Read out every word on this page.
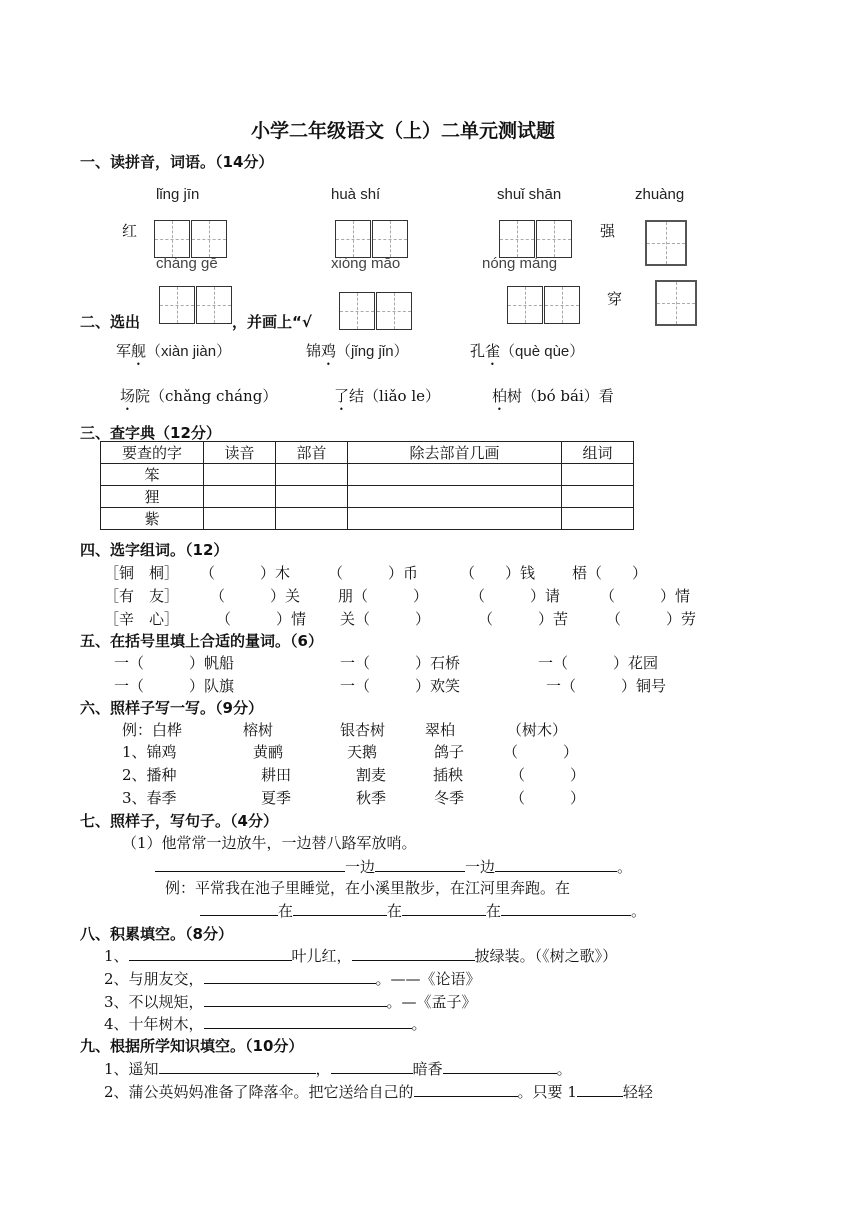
小学二年级语文（上）二单元测试题
一、读拼音，词语。（14分）
lǐng jīn	huà shí	shuǐ shān	zhuàng
红	强
cháng gē	xióng māo	nóng máng
穿
二、选出	，并画上“√
军舰（xiàn jiàn）	锦鸡（jǐng jǐn）	孔雀（què qùe）
场院（chǎng cháng）	了结（liǎo le）	柏树（bó bái）看
三、查字典（12分）
要查的字	读音	部首	除去部首几画	组词
笨				
狸				
紫				
四、选字组词。（12）
［铜　桐］ （　　　）木	（　　　）币	（　　）钱 梧（　　）
［有　友］ （　　　）关	朋（　　　）	（　　　）请	（　　　）情
［辛　心］ （　　　）情 关（　　　）	（　　　）苦	（　　　）劳
五、在括号里填上合适的量词。（6）
一（　　　）帆船	一（　　　）石桥	一（　　　）花园
一（　　　）队旗	一（　　　）欢笑	一（　　　）铜号
六、照样子写一写。（9分）
例：白桦	榕树	银杏树	翠柏	（树木）
1、锦鸡	黄鹂	天鹅	鸽子	（　　　）
2、播种	耕田	割麦	插秧	（　　　）
3、春季	夏季	秋季	冬季	（　　　）
七、照样子，写句子。（4分）
（1）他常常一边放牛，一边替八路军放哨。
一边	一边	。
例：平常我在池子里睡觉，在小溪里散步，在江河里奔跑。在
在	在	在	。
八、积累填空。（8分）
1、	叶儿红，	披绿装。（《树之歌》）
2、与朋友交，	。——《论语》
3、不以规矩，	。—《孟子》
4、十年树木，	。
九、根据所学知识填空。（10分）
1、遥知	，	暗香	。
2、蒲公英妈妈准备了降落伞。把它送给自己的	。只要 1	轻轻
